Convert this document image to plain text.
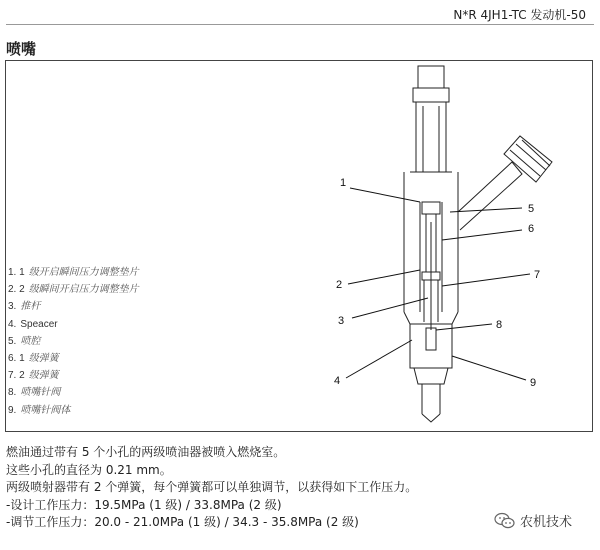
N*R 4JH1-TC 发动机-50
喷嘴
1. 1 级开启瞬间压力调整垫片
2. 2 级瞬间开启压力调整垫片
3. 推杆
4. Speacer
5. 喷腔
6. 1 级弹簧
7. 2 级弹簧
8. 喷嘴针阀
9. 喷嘴针阀体
1
2
3
4
5
6
7
8
9
燃油通过带有 5 个小孔的两级喷油器被喷入燃烧室。
这些小孔的直径为 0.21 mm。
两级喷射器带有 2 个弹簧，每个弹簧都可以单独调节，以获得如下工作压力。
-设计工作压力：19.5MPa (1 级) / 33.8MPa (2 级)
-调节工作压力：20.0 - 21.0MPa (1 级) / 34.3 - 35.8MPa (2 级)	农机技术
